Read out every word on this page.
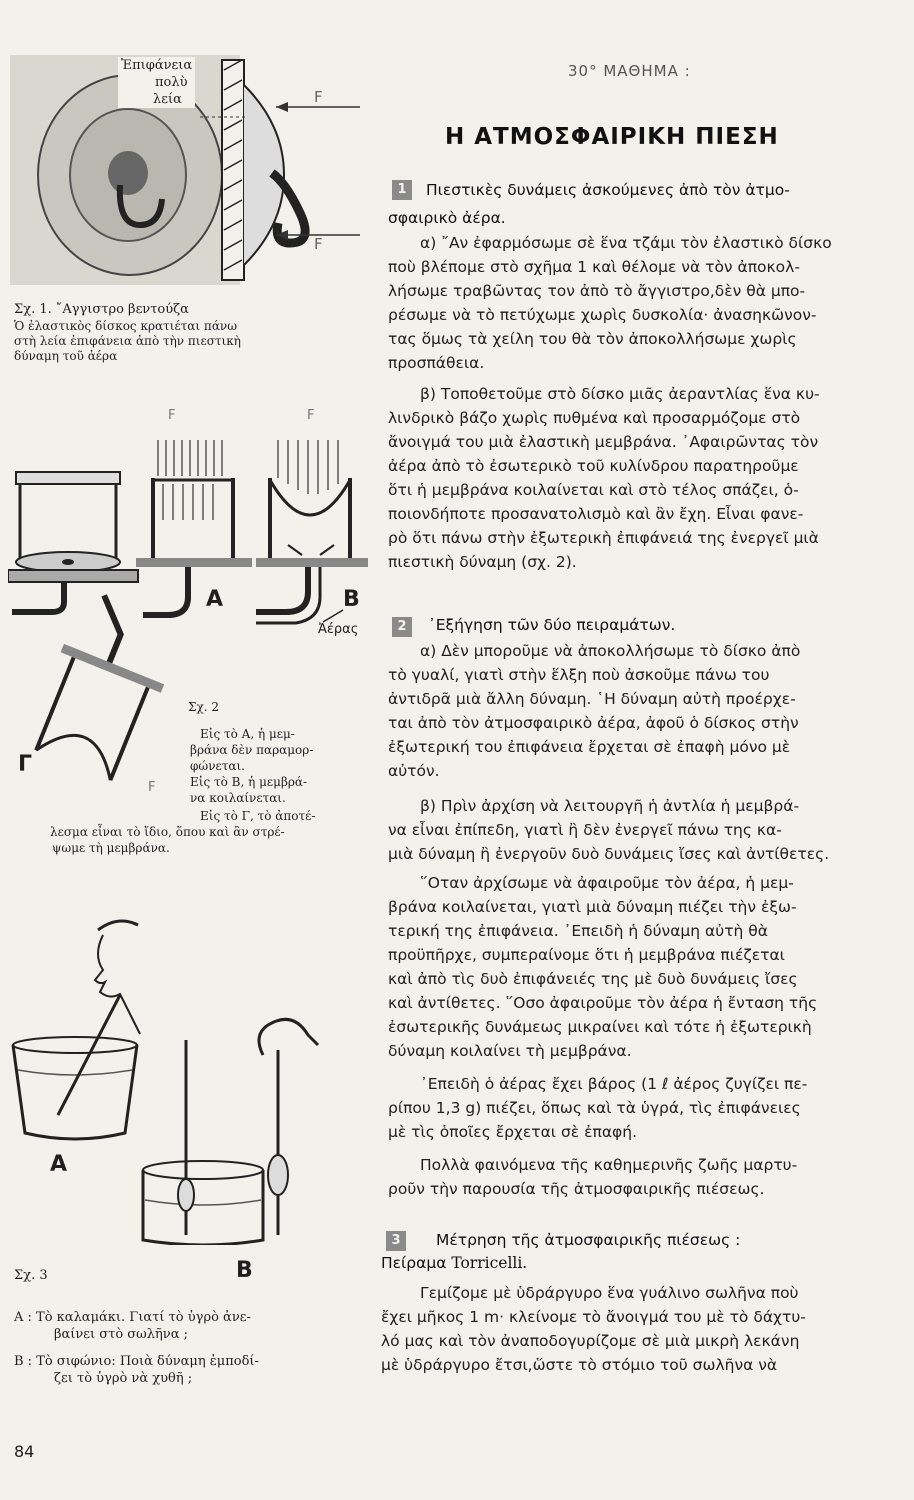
30° ΜΑΘΗΜΑ :
Η ΑΤΜΟΣΦΑΙΡΙΚΗ ΠΙΕΣΗ
1	Πιεστικὲς δυνάμεις ἀσκούμενες ἀπὸ τὸν ἀτμο-
σφαιρικὸ ἀέρα.
α) ῎Αν ἐφαρμόσωμε σὲ ἕνα τζάμι τὸν ἐλαστικὸ δίσκο
ποὺ βλέπομε στὸ σχῆμα 1 καὶ θέλομε νὰ τὸν ἀποκολ-
λήσωμε τραβῶντας τον ἀπὸ τὸ ἄγγιστρο,δὲν θὰ μπο-
ρέσωμε νὰ τὸ πετύχωμε χωρὶς δυσκολία· ἀνασηκῶνον-
τας ὅμως τὰ χείλη του θὰ τὸν ἀποκολλήσωμε χωρὶς
προσπάθεια.
β) Τοποθετοῦμε στὸ δίσκο μιᾶς ἀεραντλίας ἕνα κυ-
λινδρικὸ βάζο χωρὶς πυθμένα καὶ προσαρμόζομε στὸ
ἄνοιγμά του μιὰ ἐλαστικὴ μεμβράνα. ᾿Αφαιρῶντας τὸν
ἀέρα ἀπὸ τὸ ἐσωτερικὸ τοῦ κυλίνδρου παρατηροῦμε
ὅτι ἡ μεμβράνα κοιλαίνεται καὶ στὸ τέλος σπάζει, ὁ-
ποιονδήποτε προσανατολισμὸ καὶ ἂν ἔχη. Εἶναι φανε-
ρὸ ὅτι πάνω στὴν ἐξωτερικὴ ἐπιφάνειά της ἐνεργεῖ μιὰ
πιεστικὴ δύναμη (σχ. 2).
2	᾿Εξήγηση τῶν δύο πειραμάτων.
α) Δὲν μποροῦμε νὰ ἀποκολλήσωμε τὸ δίσκο ἀπὸ
τὸ γυαλί, γιατὶ στὴν ἕλξη ποὺ ἀσκοῦμε πάνω του
ἀντιδρᾶ μιὰ ἄλλη δύναμη. ῾Η δύναμη αὐτὴ προέρχε-
ται ἀπὸ τὸν ἀτμοσφαιρικὸ ἀέρα, ἀφοῦ ὁ δίσκος στὴν
ἐξωτερική του ἐπιφάνεια ἔρχεται σὲ ἐπαφὴ μόνο μὲ
αὐτόν.
β) Πρὶν ἀρχίση νὰ λειτουργῆ ἡ ἀντλία ἡ μεμβρά-
να εἶναι ἐπίπεδη, γιατὶ ἢ δὲν ἐνεργεῖ πάνω της κα-
μιὰ δύναμη ἢ ἐνεργοῦν δυὸ δυνάμεις ἴσες καὶ ἀντίθετες.
῞Οταν ἀρχίσωμε νὰ ἀφαιροῦμε τὸν ἀέρα, ἡ μεμ-
βράνα κοιλαίνεται, γιατὶ μιὰ δύναμη πιέζει τὴν ἐξω-
τερική της ἐπιφάνεια. ᾿Επειδὴ ἡ δύναμη αὐτὴ θὰ
προϋπῆρχε, συμπεραίνομε ὅτι ἡ μεμβράνα πιέζεται
καὶ ἀπὸ τὶς δυὸ ἐπιφάνειές της μὲ δυὸ δυνάμεις ἴσες
καὶ ἀντίθετες. ῞Οσο ἀφαιροῦμε τὸν ἀέρα ἡ ἔνταση τῆς
ἐσωτερικῆς δυνάμεως μικραίνει καὶ τότε ἡ ἐξωτερικὴ
δύναμη κοιλαίνει τὴ μεμβράνα.
᾿Επειδὴ ὁ ἀέρας ἔχει βάρος (1 ℓ ἀέρος ζυγίζει πε-
ρίπου 1,3 g) πιέζει, ὅπως καὶ τὰ ὑγρά, τὶς ἐπιφάνειες
μὲ τὶς ὁποῖες ἔρχεται σὲ ἐπαφή.
Πολλὰ φαινόμενα τῆς καθημερινῆς ζωῆς μαρτυ-
ροῦν τὴν παρουσία τῆς ἀτμοσφαιρικῆς πιέσεως.
3	Μέτρηση τῆς ἀτμοσφαιρικῆς πιέσεως :
Πείραμα Torricelli.
Γεμίζομε μὲ ὑδράργυρο ἕνα γυάλινο σωλῆνα ποὺ
ἔχει μῆκος 1 m· κλείνομε τὸ ἄνοιγμά του μὲ τὸ δάχτυ-
λό μας καὶ τὸν ἀναποδογυρίζομε σὲ μιὰ μικρὴ λεκάνη
μὲ ὑδράργυρο ἔτσι,ὥστε τὸ στόμιο τοῦ σωλῆνα νὰ
Ἐπιφάνεια
πολὺ
λεία	F
F
Σχ. 1. ῎Αγγιστρο βεντούζα
Ὁ ἐλαστικὸς δίσκος κρατιέται πάνω
στὴ λεία ἐπιφάνεια ἀπὸ τὴν πιεστικὴ
δύναμη τοῦ ἀέρα
F	F
F
Α	Β
Γ
Ἀέρας
Σχ. 2
Εἰς τὸ Α, ἡ μεμ-
βράνα δὲν παραμορ-
φώνεται.
Εἰς τὸ Β, ἡ μεμβρά-
να κοιλαίνεται.
Εἰς τὸ Γ, τὸ ἀποτέ-
λεσμα εἶναι τὸ ἴδιο, ὅπου καὶ ἂν στρέ-
ψωμε τὴ μεμβράνα.
Α
Β
Σχ. 3
Α : Τὸ καλαμάκι. Γιατί τὸ ὑγρὸ ἀνε-
βαίνει στὸ σωλῆνα ;
Β : Τὸ σιφώνιο: Ποιὰ δύναμη ἐμποδί-
ζει τὸ ὑγρὸ νὰ χυθῆ ;
84
